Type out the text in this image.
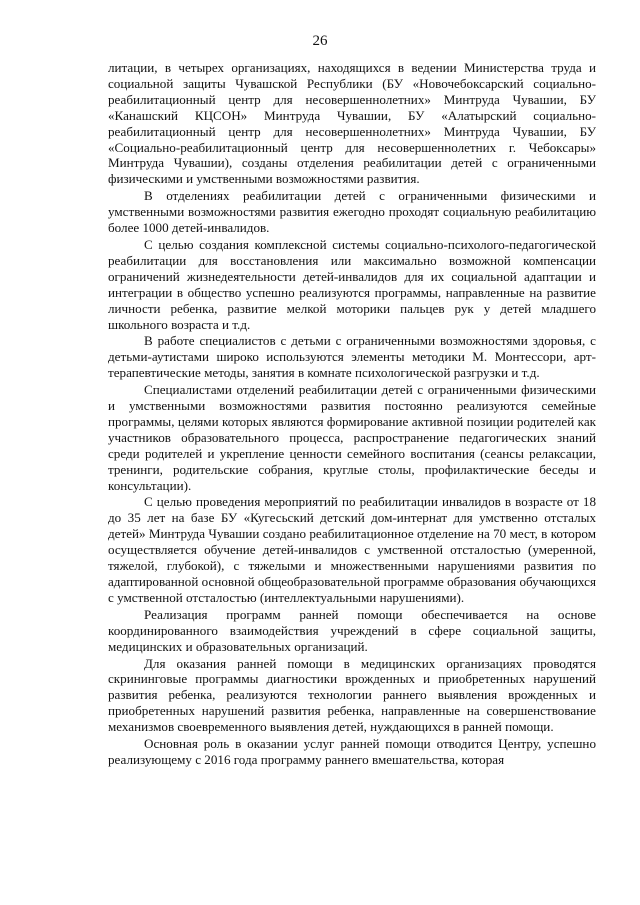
26

литации, в четырех организациях, находящихся в ведении Министерства труда и социальной защиты Чувашской Республики (БУ «Новочебоксарский социально-реабилитационный центр для несовершеннолетних» Минтруда Чувашии, БУ «Канашский КЦСОН» Минтруда Чувашии, БУ «Алатырский социально-реабилитационный центр для несовершеннолетних» Минтруда Чувашии, БУ «Социально-реабилитационный центр для несовершеннолетних г. Чебоксары» Минтруда Чувашии), созданы отделения реабилитации детей с ограниченными физическими и умственными возможностями развития.

В отделениях реабилитации детей с ограниченными физическими и умственными возможностями развития ежегодно проходят социальную реабилитацию более 1000 детей-инвалидов.

С целью создания комплексной системы социально-психолого-педагогической реабилитации для восстановления или максимально возможной компенсации ограничений жизнедеятельности детей-инвалидов для их социальной адаптации и интеграции в общество успешно реализуются программы, направленные на развитие личности ребенка, развитие мелкой моторики пальцев рук у детей младшего школьного возраста и т.д.

В работе специалистов с детьми с ограниченными возможностями здоровья, с детьми-аутистами широко используются элементы методики М. Монтессори, арт-терапевтические методы, занятия в комнате психологической разгрузки и т.д.

Специалистами отделений реабилитации детей с ограниченными физическими и умственными возможностями развития постоянно реализуются семейные программы, целями которых являются формирование активной позиции родителей как участников образовательного процесса, распространение педагогических знаний среди родителей и укрепление ценности семейного воспитания (сеансы релаксации, тренинги, родительские собрания, круглые столы, профилактические беседы и консультации).

С целью проведения мероприятий по реабилитации инвалидов в возрасте от 18 до 35 лет на базе БУ «Кугесьский детский дом-интернат для умственно отсталых детей» Минтруда Чувашии создано реабилитационное отделение на 70 мест, в котором осуществляется обучение детей-инвалидов с умственной отсталостью (умеренной, тяжелой, глубокой), с тяжелыми и множественными нарушениями развития по адаптированной основной общеобразовательной программе образования обучающихся с умственной отсталостью (интеллектуальными нарушениями).

Реализация программ ранней помощи обеспечивается на основе координированного взаимодействия учреждений в сфере социальной защиты, медицинских и образовательных организаций.

Для оказания ранней помощи в медицинских организациях проводятся скрининговые программы диагностики врожденных и приобретенных нарушений развития ребенка, реализуются технологии раннего выявления врожденных и приобретенных нарушений развития ребенка, направленные на совершенствование механизмов своевременного выявления детей, нуждающихся в ранней помощи.

Основная роль в оказании услуг ранней помощи отводится Центру, успешно реализующему с 2016 года программу раннего вмешательства, которая
